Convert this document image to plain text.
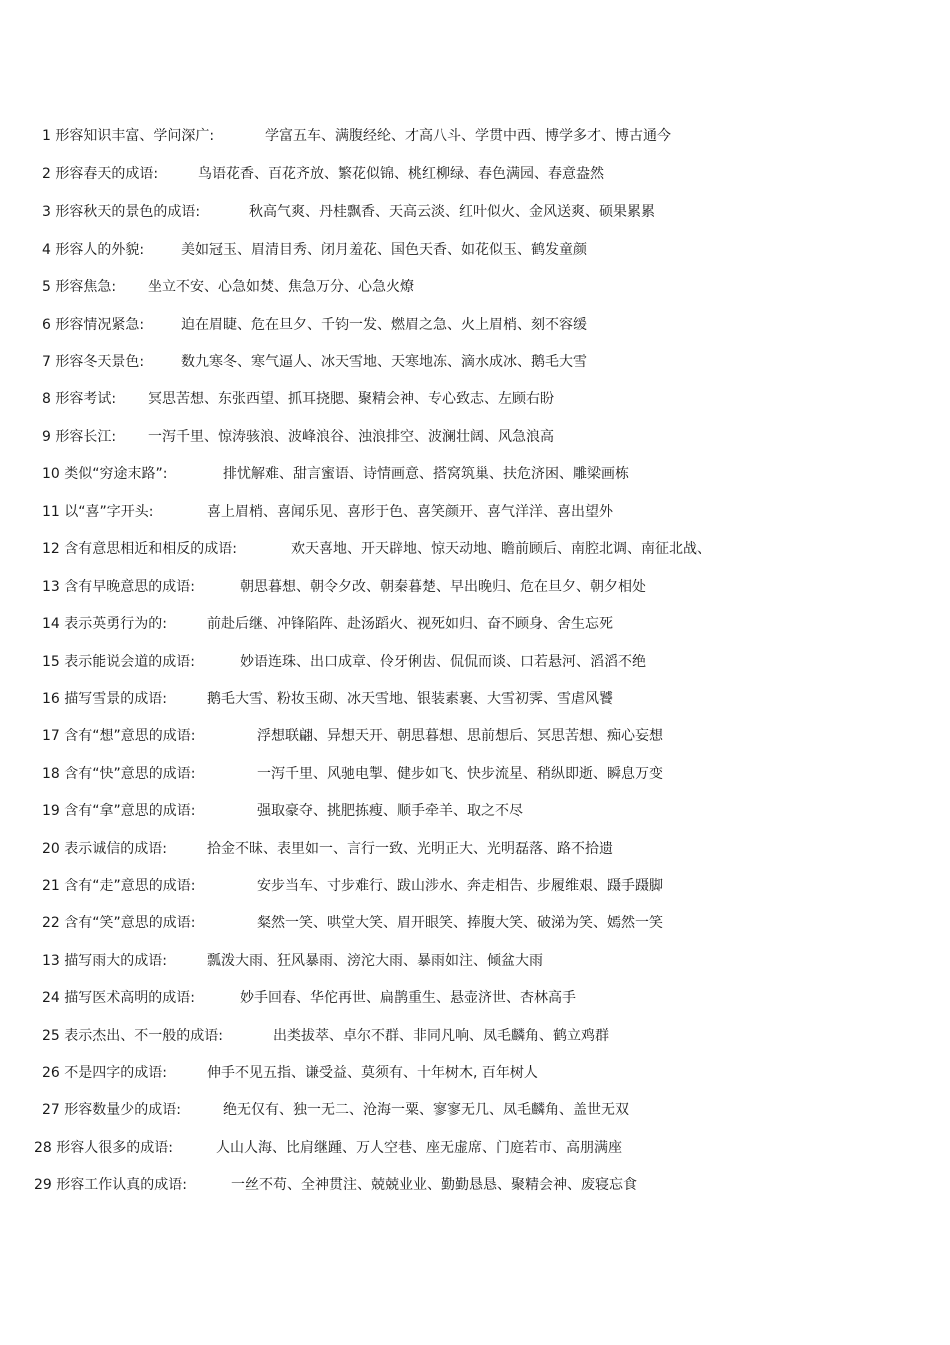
1 形容知识丰富、学问深广:	学富五车、满腹经纶、才高八斗、学贯中西、博学多才、博古通今
2 形容春天的成语:	鸟语花香、百花齐放、繁花似锦、桃红柳绿、春色满园、春意盎然
3 形容秋天的景色的成语:	秋高气爽、丹桂飘香、天高云淡、红叶似火、金风送爽、硕果累累
4 形容人的外貌:	美如冠玉、眉清目秀、闭月羞花、国色天香、如花似玉、鹤发童颜
5 形容焦急: 坐立不安、心急如焚、焦急万分、心急火燎
6 形容情况紧急:	迫在眉睫、危在旦夕、千钧一发、燃眉之急、火上眉梢、刻不容缓
7 形容冬天景色:	数九寒冬、寒气逼人、冰天雪地、天寒地冻、滴水成冰、鹅毛大雪
8 形容考试: 冥思苦想、东张西望、抓耳挠腮、聚精会神、专心致志、左顾右盼
9 形容长江: 一泻千里、惊涛骇浪、波峰浪谷、浊浪排空、波澜壮阔、风急浪高
10 类似“穷途末路”:	排忧解难、甜言蜜语、诗情画意、搭窝筑巢、扶危济困、雕梁画栋
11 以“喜”字开头:	喜上眉梢、喜闻乐见、喜形于色、喜笑颜开、喜气洋洋、喜出望外
12 含有意思相近和相反的成语:	欢天喜地、开天辟地、惊天动地、瞻前顾后、南腔北调、南征北战、
13 含有早晚意思的成语:	朝思暮想、朝令夕改、朝秦暮楚、早出晚归、危在旦夕、朝夕相处
14 表示英勇行为的:	前赴后继、冲锋陷阵、赴汤蹈火、视死如归、奋不顾身、舍生忘死
15 表示能说会道的成语:	妙语连珠、出口成章、伶牙俐齿、侃侃而谈、口若悬河、滔滔不绝
16 描写雪景的成语:	鹅毛大雪、粉妆玉砌、冰天雪地、银装素裹、大雪初霁、雪虐风饕
17 含有“想”意思的成语:	浮想联翩、异想天开、朝思暮想、思前想后、冥思苦想、痴心妄想
18 含有“快”意思的成语:	一泻千里、风驰电掣、健步如飞、快步流星、稍纵即逝、瞬息万变
19 含有“拿”意思的成语:	强取豪夺、挑肥拣瘦、顺手牵羊、取之不尽
20 表示诚信的成语:	拾金不昧、表里如一、言行一致、光明正大、光明磊落、路不拾遗
21 含有“走”意思的成语:	安步当车、寸步难行、跋山涉水、奔走相告、步履维艰、蹑手蹑脚
22 含有“笑”意思的成语:	粲然一笑、哄堂大笑、眉开眼笑、捧腹大笑、破涕为笑、嫣然一笑
13 描写雨大的成语:	瓢泼大雨、狂风暴雨、滂沱大雨、暴雨如注、倾盆大雨
24 描写医术高明的成语:	妙手回春、华佗再世、扁鹊重生、悬壶济世、杏林高手
25 表示杰出、不一般的成语:	出类拔萃、卓尔不群、非同凡响、凤毛麟角、鹤立鸡群
26 不是四字的成语:	伸手不见五指、谦受益、莫须有、十年树木, 百年树人
27 形容数量少的成语:	绝无仅有、独一无二、沧海一粟、寥寥无几、凤毛麟角、盖世无双
28 形容人很多的成语:	人山人海、比肩继踵、万人空巷、座无虚席、门庭若市、高朋满座
29 形容工作认真的成语:	一丝不苟、全神贯注、兢兢业业、勤勤恳恳、聚精会神、废寝忘食
